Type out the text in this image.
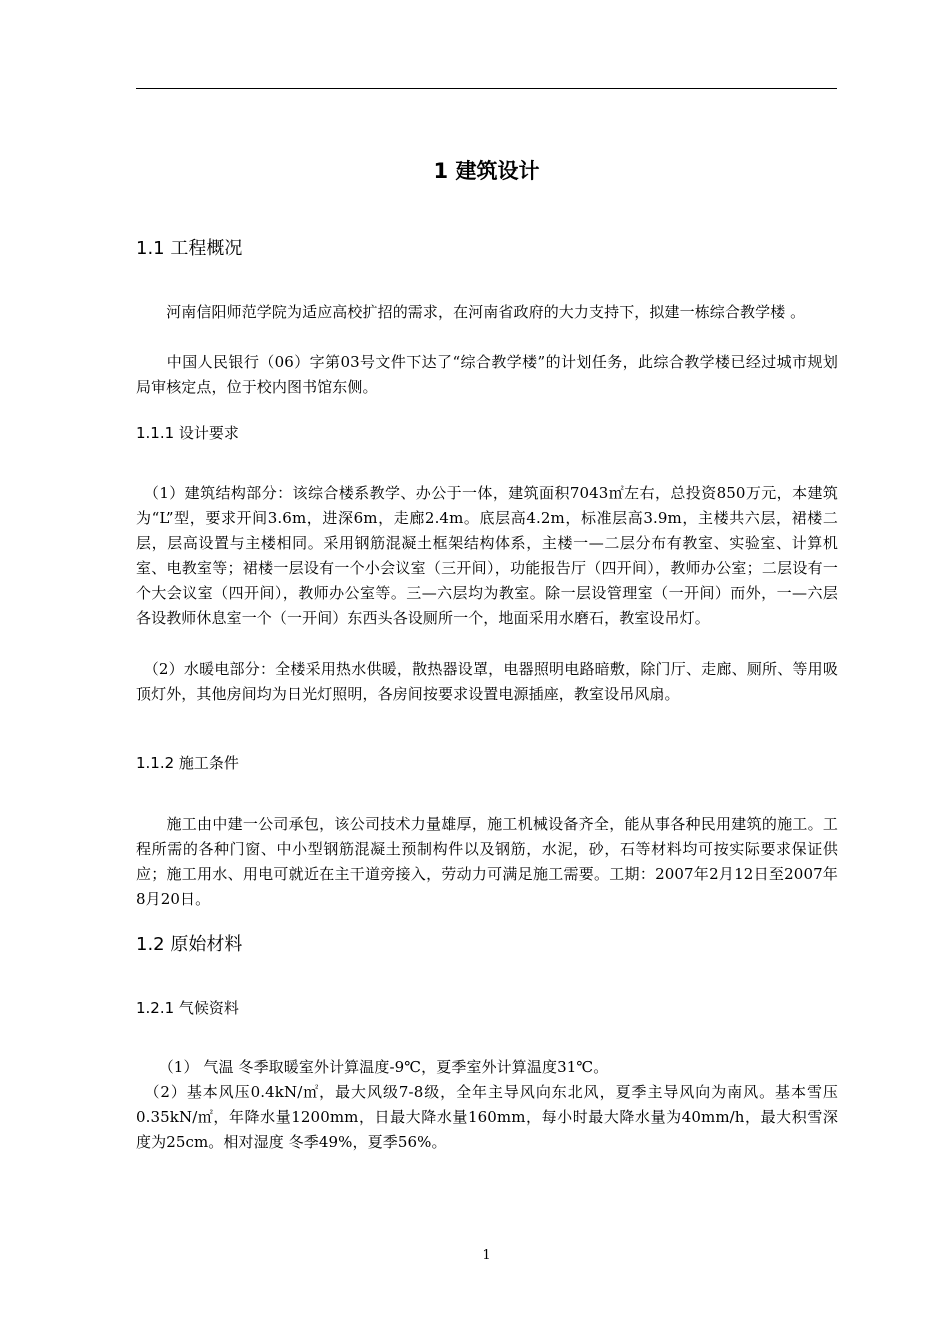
1 建筑设计
1.1 工程概况

　　河南信阳师范学院为适应高校扩招的需求，在河南省政府的大力支持下，拟建一栋综合教学楼 。

　　中国人民银行（06）字第03号文件下达了“综合教学楼”的计划任务，此综合教学楼已经过城市规划局审核定点，位于校内图书馆东侧。

1.1.1 设计要求

　（1）建筑结构部分：该综合楼系教学、办公于一体，建筑面积7043㎡左右，总投资850万元，本建筑为“L”型，要求开间3.6m，进深6m，走廊2.4m。底层高4.2m，标准层高3.9m，主楼共六层，裙楼二层，层高设置与主楼相同。采用钢筋混凝土框架结构体系，主楼一—二层分布有教室、实验室、计算机室、电教室等；裙楼一层设有一个小会议室（三开间），功能报告厅（四开间），教师办公室；二层设有一个大会议室（四开间），教师办公室等。三—六层均为教室。除一层设管理室（一开间）而外，一—六层各设教师休息室一个（一开间）东西头各设厕所一个，地面采用水磨石，教室设吊灯。

　（2）水暖电部分：全楼采用热水供暖，散热器设罩，电器照明电路暗敷，除门厅、走廊、厕所、等用吸顶灯外，其他房间均为日光灯照明，各房间按要求设置电源插座，教室设吊风扇。

1.1.2 施工条件

　　施工由中建一公司承包，该公司技术力量雄厚，施工机械设备齐全，能从事各种民用建筑的施工。工程所需的各种门窗、中小型钢筋混凝土预制构件以及钢筋，水泥，砂，石等材料均可按实际要求保证供应；施工用水、用电可就近在主干道旁接入，劳动力可满足施工需要。工期：2007年2月12日至2007年8月20日。

1.2 原始材料
1.2.1 气候资料

　　（1） 气温 冬季取暖室外计算温度-9℃，夏季室外计算温度31℃。

　（2）基本风压0.4kN/㎡，最大风级7-8级，全年主导风向东北风，夏季主导风向为南风。基本雪压0.35kN/㎡，年降水量1200mm，日最大降水量160mm，每小时最大降水量为40mm/h，最大积雪深度为25cm。相对湿度 冬季49%，夏季56%。

1
